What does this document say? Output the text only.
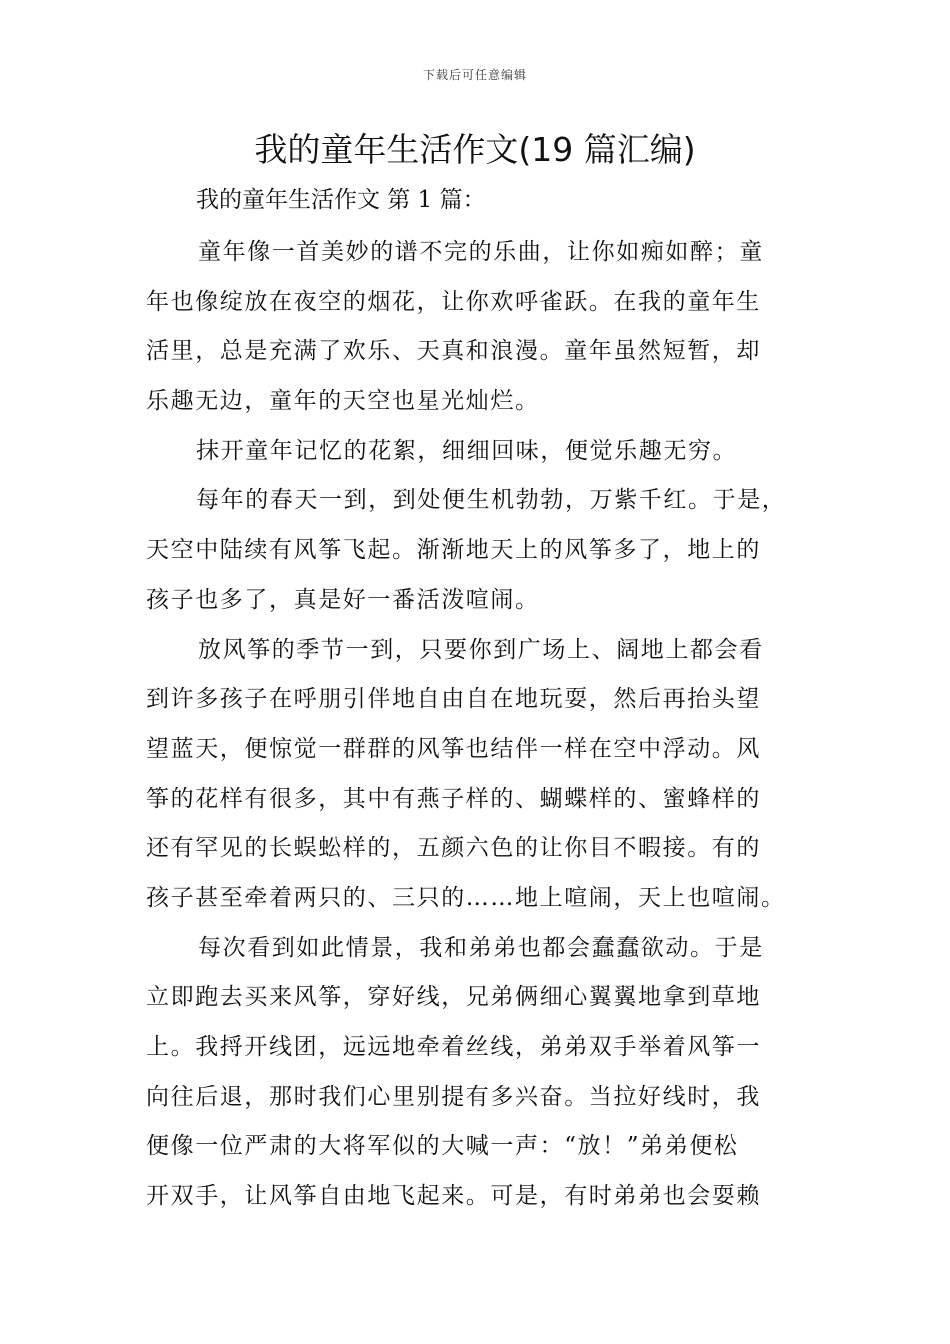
下载后可任意编辑
我的童年生活作文(19 篇汇编)
我的童年生活作文 第 1 篇：
童年像一首美妙的谱不完的乐曲，让你如痴如醉；童
年也像绽放在夜空的烟花，让你欢呼雀跃。在我的童年生
活里，总是充满了欢乐、天真和浪漫。童年虽然短暂，却
乐趣无边，童年的天空也星光灿烂。
抹开童年记忆的花絮，细细回味，便觉乐趣无穷。
每年的春天一到，到处便生机勃勃，万紫千红。于是，
天空中陆续有风筝飞起。渐渐地天上的风筝多了，地上的
孩子也多了，真是好一番活泼喧闹。
放风筝的季节一到，只要你到广场上、阔地上都会看
到许多孩子在呼朋引伴地自由自在地玩耍，然后再抬头望
望蓝天，便惊觉一群群的风筝也结伴一样在空中浮动。风
筝的花样有很多，其中有燕子样的、蝴蝶样的、蜜蜂样的
还有罕见的长蜈蚣样的，五颜六色的让你目不暇接。有的
孩子甚至牵着两只的、三只的……地上喧闹，天上也喧闹。
每次看到如此情景，我和弟弟也都会蠢蠢欲动。于是
立即跑去买来风筝，穿好线，兄弟俩细心翼翼地拿到草地
上。我捋开线团，远远地牵着丝线，弟弟双手举着风筝一
向往后退，那时我们心里别提有多兴奋。当拉好线时，我
便像一位严肃的大将军似的大喊一声：“放！”弟弟便松
开双手，让风筝自由地飞起来。可是，有时弟弟也会耍赖
